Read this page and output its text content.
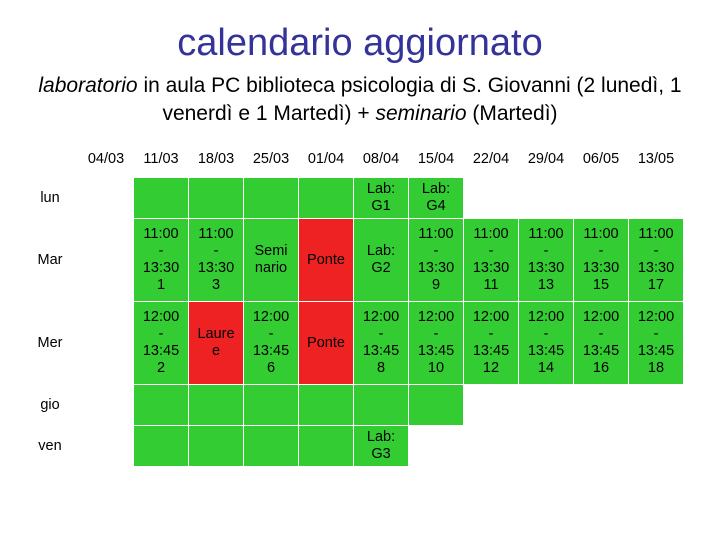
calendario aggiornato
laboratorio in aula PC biblioteca psicologia di S. Giovanni (2 lunedì, 1 venerdì e 1 Martedì) + seminario (Martedì)
	04/03	11/03	18/03	25/03	01/04	08/04	15/04	22/04	29/04	06/05	13/05
lun						Lab:
G1	Lab:
G4				
Mar		11:00
-
13:30
1	11:00
-
13:30
3	Semi
nario	Ponte	Lab:
G2	11:00
-
13:30
9	11:00
-
13:30
11	11:00
-
13:30
13	11:00
-
13:30
15	11:00
-
13:30
17
Mer		12:00
-
13:45
2	Laure
e	12:00
-
13:45
6	Ponte	12:00
-
13:45
8	12:00
-
13:45
10	12:00
-
13:45
12	12:00
-
13:45
14	12:00
-
13:45
16	12:00
-
13:45
18
gio											
ven						Lab:
G3					
